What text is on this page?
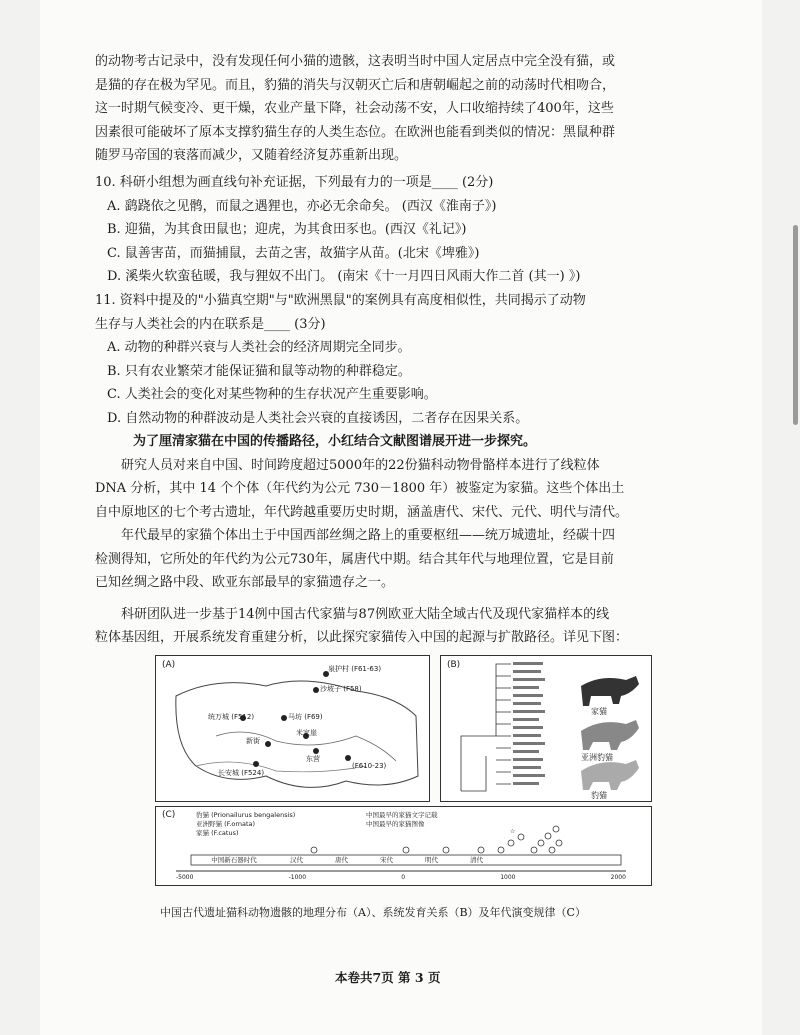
的动物考古记录中，没有发现任何小猫的遗骸，这表明当时中国人定居点中完全没有猫，或

是猫的存在极为罕见。而且，豹猫的消失与汉朝灭亡后和唐朝崛起之前的动荡时代相吻合，

这一时期气候变冷、更干燥，农业产量下降，社会动荡不安，人口收缩持续了400年，这些

因素很可能破坏了原本支撑豹猫生存的人类生态位。在欧洲也能看到类似的情况：黑鼠种群

随罗马帝国的衰落而减少，又随着经济复苏重新出现。

10. 科研小组想为画直线句补充证据，下列最有力的一项是____ (2分)

A. 鹞跷依之见鹘，而鼠之遇狸也，亦必无余命矣。 (西汉《淮南子》)

B. 迎猫，为其食田鼠也；迎虎，为其食田豕也。(西汉《礼记》)

C. 鼠善害苗，而猫捕鼠，去苗之害，故猫字从苗。(北宋《埤雅》)

D. 溪柴火软蛮毡暖，我与狸奴不出门。 (南宋《十一月四日风雨大作二首 (其一) 》)

11. 资料中提及的"小猫真空期"与"欧洲黑鼠"的案例具有高度相似性，共同揭示了动物

生存与人类社会的内在联系是____ (3分)

A. 动物的种群兴衰与人类社会的经济周期完全同步。

B. 只有农业繁荣才能保证猫和鼠等动物的种群稳定。

C. 人类社会的变化对某些物种的生存状况产生重要影响。

D. 自然动物的种群波动是人类社会兴衰的直接诱因，二者存在因果关系。

为了厘清家猫在中国的传播路径，小红结合文献图谱展开进一步探究。

研究人员对来自中国、时间跨度超过5000年的22份猫科动物骨骼样本进行了线粒体

DNA 分析，其中 14 个个体（年代约为公元 730－1800 年）被鉴定为家猫。这些个体出土

自中原地区的七个考古遗址，年代跨越重要历史时期，涵盖唐代、宋代、元代、明代与清代。

年代最早的家猫个体出土于中国西部丝绸之路上的重要枢纽——统万城遗址，经碳十四

检测得知，它所处的年代约为公元730年，属唐代中期。结合其年代与地理位置，它是目前

已知丝绸之路中段、欧亚东部最早的家猫遗存之一。

科研团队进一步基于14例中国古代家猫与87例欧亚大陆全域古代及现代家猫样本的线

粒体基因组，开展系统发育重建分析，以此探究家猫传入中国的起源与扩散路径。详见下图：

(A)	泉护村 (F61-63)
沙坡子 (F58)
统万城 (F512)	马坊 (F69)
米家崖
新街
东营
长安城 (F524)
(F610-23)
(B)
家猫
亚洲豹猫
豹猫
(C)	豹猫 (Prionailurus bengalensis)
亚洲野猫 (F.ornata)
家猫 (F.catus)
中国最早的家猫文字记载
中国最早的家猫图像
☆
中国新石器时代	汉代	唐代	宋代	明代	清代
-5000	-1000	0	1000	2000
中国古代遗址猫科动物遗骸的地理分布（A）、系统发育关系（B）及年代演变规律（C）
本卷共7页 第 3 页
